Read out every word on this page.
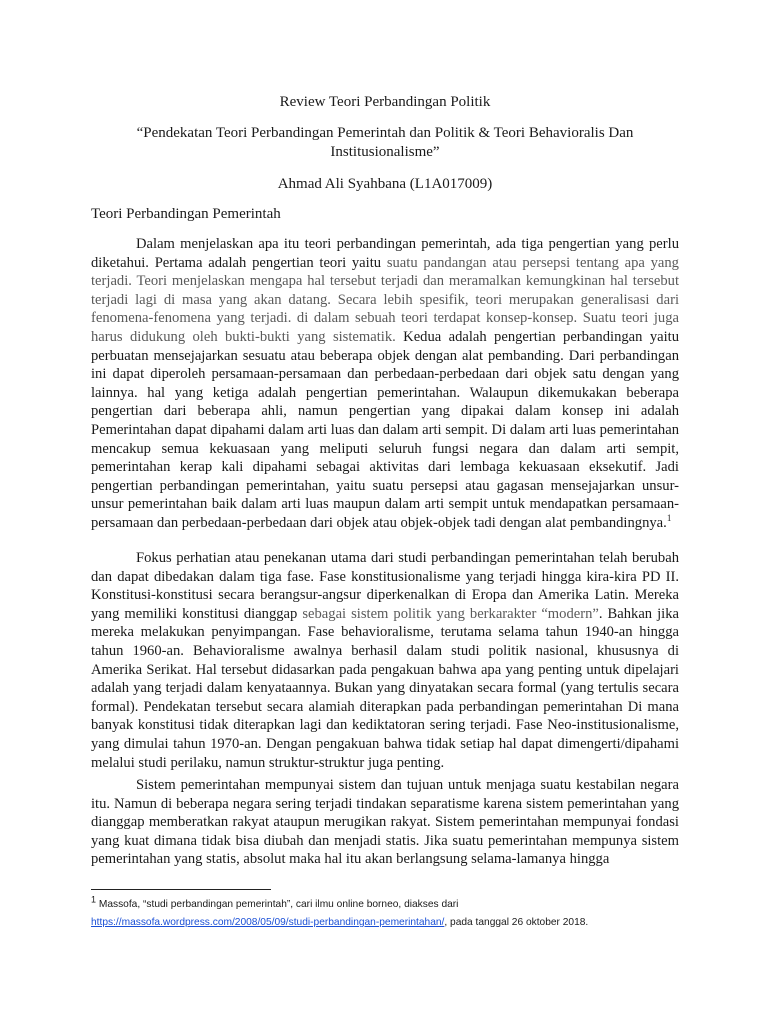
Review Teori Perbandingan Politik

“Pendekatan Teori Perbandingan Pemerintah dan Politik & Teori Behavioralis Dan Institusionalisme”

Ahmad Ali Syahbana (L1A017009)

Teori Perbandingan Pemerintah

Dalam menjelaskan apa itu teori perbandingan pemerintah, ada tiga pengertian yang perlu diketahui. Pertama adalah pengertian teori yaitu suatu pandangan atau persepsi tentang apa yang terjadi. Teori menjelaskan mengapa hal tersebut terjadi dan meramalkan kemungkinan hal tersebut terjadi lagi di masa yang akan datang. Secara lebih spesifik, teori merupakan generalisasi dari fenomena-fenomena yang terjadi. di dalam sebuah teori terdapat konsep-konsep. Suatu teori juga harus didukung oleh bukti-bukti yang sistematik. Kedua adalah pengertian perbandingan yaitu perbuatan mensejajarkan sesuatu atau beberapa objek dengan alat pembanding. Dari perbandingan ini dapat diperoleh persamaan-persamaan dan perbedaan-perbedaan dari objek satu dengan yang lainnya. hal yang ketiga adalah pengertian pemerintahan. Walaupun dikemukakan beberapa pengertian dari beberapa ahli, namun pengertian yang dipakai dalam konsep ini adalah Pemerintahan dapat dipahami dalam arti luas dan dalam arti sempit. Di dalam arti luas pemerintahan mencakup semua kekuasaan yang meliputi seluruh fungsi negara dan dalam arti sempit, pemerintahan kerap kali dipahami sebagai aktivitas dari lembaga kekuasaan eksekutif. Jadi pengertian perbandingan pemerintahan, yaitu suatu persepsi atau gagasan mensejajarkan unsur-unsur pemerintahan baik dalam arti luas maupun dalam arti sempit untuk mendapatkan persamaan-persamaan dan perbedaan-perbedaan dari objek atau objek-objek tadi dengan alat pembandingnya.$^1$

Fokus perhatian atau penekanan utama dari studi perbandingan pemerintahan telah berubah dan dapat dibedakan dalam tiga fase. Fase konstitusionalisme yang terjadi hingga kira-kira PD II. Konstitusi-konstitusi secara berangsur-angsur diperkenalkan di Eropa dan Amerika Latin. Mereka yang memiliki konstitusi dianggap sebagai sistem politik yang berkarakter “modern”. Bahkan jika mereka melakukan penyimpangan. Fase behavioralisme, terutama selama tahun 1940-an hingga tahun 1960-an. Behavioralisme awalnya berhasil dalam studi politik nasional, khususnya di Amerika Serikat. Hal tersebut didasarkan pada pengakuan bahwa apa yang penting untuk dipelajari adalah yang terjadi dalam kenyataannya. Bukan yang dinyatakan secara formal (yang tertulis secara formal). Pendekatan tersebut secara alamiah diterapkan pada perbandingan pemerintahan Di mana banyak konstitusi tidak diterapkan lagi dan kediktatoran sering terjadi. Fase Neo-institusionalisme, yang dimulai tahun 1970-an. Dengan pengakuan bahwa tidak setiap hal dapat dimengerti/dipahami melalui studi perilaku, namun struktur-struktur juga penting.

Sistem pemerintahan mempunyai sistem dan tujuan untuk menjaga suatu kestabilan negara itu. Namun di beberapa negara sering terjadi tindakan separatisme karena sistem pemerintahan yang dianggap memberatkan rakyat ataupun merugikan rakyat. Sistem pemerintahan mempunyai fondasi yang kuat dimana tidak bisa diubah dan menjadi statis. Jika suatu pemerintahan mempunya sistem pemerintahan yang statis, absolut maka hal itu akan berlangsung selama-lamanya hingga

$^1$ Massofa, “studi perbandingan pemerintah”, cari ilmu online borneo, diakses dari
https://massofa.wordpress.com/2008/05/09/studi-perbandingan-pemerintahan/, pada tanggal 26 oktober 2018.
